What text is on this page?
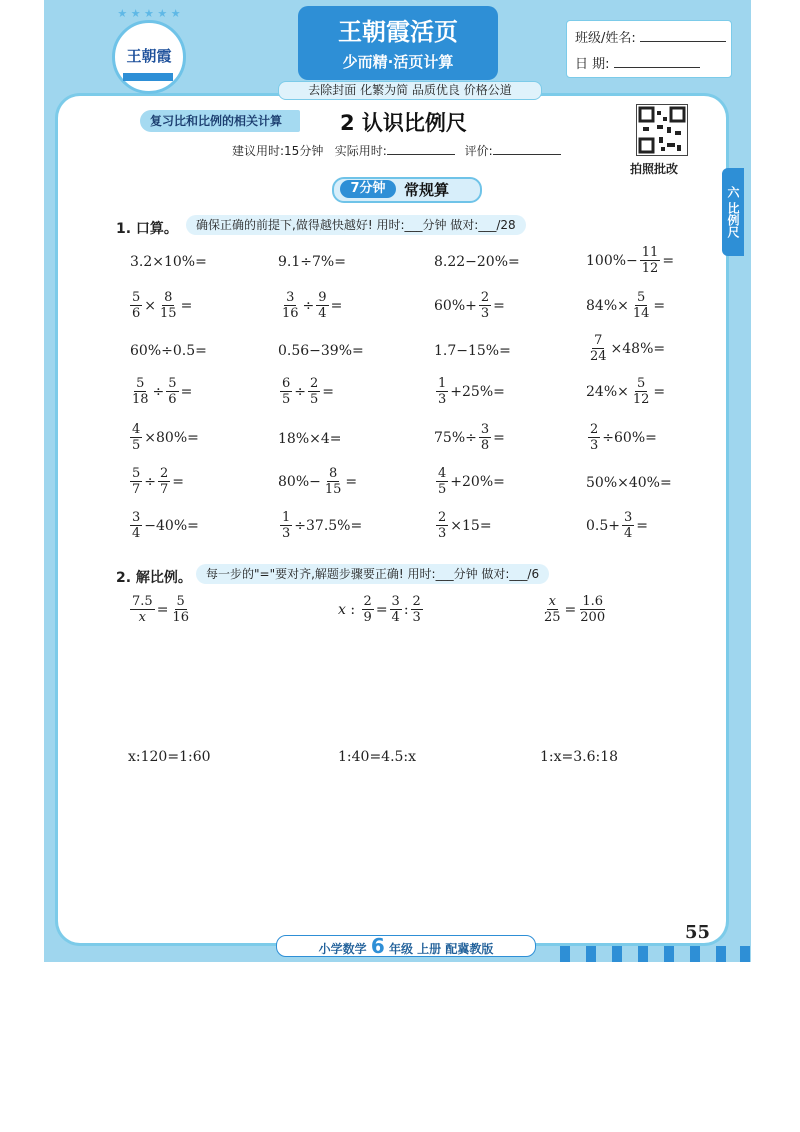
★ ★ ★ ★ ★
王朝霞
王朝霞活页
少而精·活页计算
去除封面 化繁为简 品质优良 价格公道
班级/姓名:
日 期:
复习比和比例的相关计算	2 认识比例尺
建议用时:15分钟 实际用时:	评价:
拍照批改
六 比例尺
7分钟	常规算
1. 口算。	确保正确的前提下,做得越快越好! 用时:___分钟 做对:___/28
3.2×10%=	9.1÷7%=	8.22−20%=	$100\%- \frac{11}{12}$ =
$\frac{5}{6} \times \frac{8}{15}$ =	$\frac{3}{16} \div \frac{9}{4}$ =	$60\%+ \frac{2}{3}$ =	$84\%\times \frac{5}{14}$ =
60%÷0.5=	0.56−39%=	1.7−15%=	$\frac{7}{24} \times 48\%=$
$\frac{5}{18} \div \frac{5}{6}$ =	$\frac{6}{5} \div \frac{2}{5}$ =	$\frac{1}{3} +25\%=$	$24\%\times \frac{5}{12}$ =
$\frac{4}{5} \times 80\%=$	18%×4=	$75\%\div \frac{3}{8}$ =	$\frac{2}{3} \div 60\%=$
$\frac{5}{7} \div \frac{2}{7}$ =	$80\%- \frac{8}{15}$ =	$\frac{4}{5} +20\%=$	50%×40%=
$\frac{3}{4} -40\%=$	$\frac{1}{3} \div 37.5\%=$	$\frac{2}{3} \times 15=$	$0.5+ \frac{3}{4}$ =
2. 解比例。	每一步的"="要对齐,解题步骤要正确! 用时:___分钟 做对:___/6
$\frac{7.5}{x} = \frac{5}{16}$	x : $\frac{2}{9} = \frac{3}{4}$ : $\frac{2}{3}$	$\frac{x}{25} = \frac{1.6}{200}$
x:120=1:60	1:40=4.5:x	1:x=3.6:18
55
小学数学 6 年级 上册 配冀教版
